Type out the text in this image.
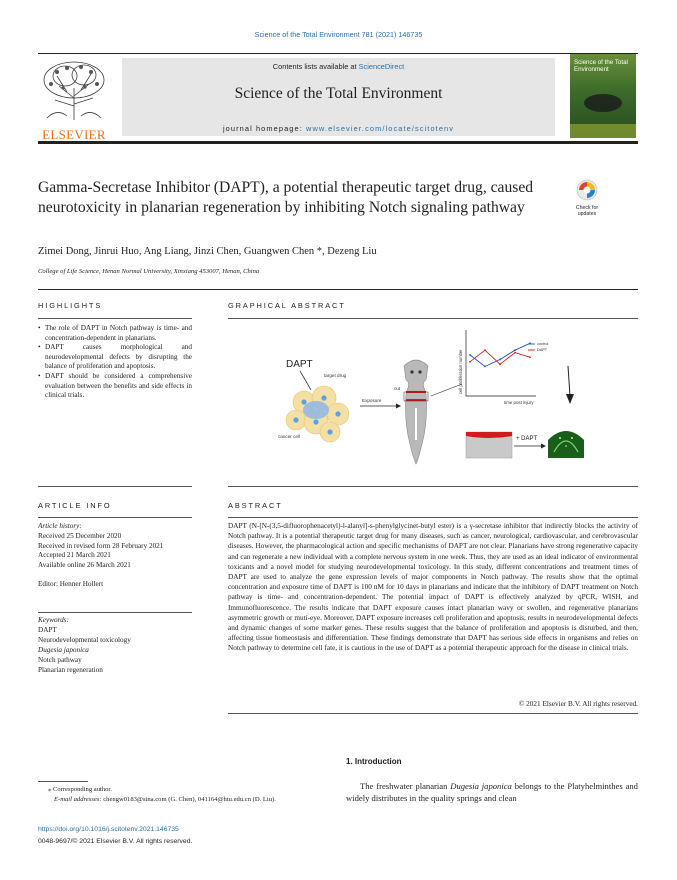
Science of the Total Environment 781 (2021) 146735
ELSEVIER
Contents lists available at ScienceDirect
Science of the Total Environment
journal homepage: www.elsevier.com/locate/scitotenv
Science of the Total Environment
Gamma-Secretase Inhibitor (DAPT), a potential therapeutic target drug, caused neurotoxicity in planarian regeneration by inhibiting Notch signaling pathway	Check for updates
Zimei Dong, Jinrui Huo, Ang Liang, Jinzi Chen, Guangwen Chen *, Dezeng Liu
College of Life Science, Henan Normal University, Xinxiang 453007, Henan, China
HIGHLIGHTS
• The role of DAPT in Notch pathway is time- and concentration-dependent in planarians.
• DAPT causes morphological and neurodevelopmental defects by disrupting the balance of proliferation and apoptosis.
• DAPT should be considered a comprehensive evaluation between the benefits and side effects in clinical trials.
GRAPHICAL ABSTRACT
DAPT
target drug
cancer cell
Exposure
cut	cell proliferation number
time post injury
control
DAPT
+ DAPT
ARTICLE INFO
Article history:
Received 25 December 2020
Received in revised form 28 February 2021
Accepted 21 March 2021
Available online 26 March 2021
Editor: Henner Hollert
Keywords:
DAPT
Neurodevelopmental toxicology
Dugesia japonica
Notch pathway
Planarian regeneration
ABSTRACT
DAPT (N-[N-(3,5-difluorophenacetyl)-l-alanyl]-s-phenylglycinet-butyl ester) is a γ-secretase inhibitor that indirectly blocks the activity of Notch pathway. It is a potential therapeutic target drug for many diseases, such as cancer, neurological, cardiovascular, and cerebrovascular diseases. However, the pharmacological action and specific mechanisms of DAPT are not clear. Planarians have strong regenerative capacity and can regenerate a new individual with a complete nervous system in one week. Thus, they are used as an ideal indicator of environmental toxicants and a novel model for studying neurodevelopmental toxicology. In this study, different concentrations and treatment times of DAPT are used to analyze the gene expression levels of major components in Notch pathway. The results show that the optimal concentration and exposure time of DAPT is 100 nM for 10 days in planarians and indicate that the inhibitory of DAPT treatment on Notch pathway is time- and concentration-dependent. The potential impact of DAPT is effectively analyzed by qPCR, WISH, and Immunofluorescence. The results indicate that DAPT exposure causes intact planarian wavy or swollen, and regenerative planarians asymmetric growth or muti-eye. Moreover, DAPT exposure increases cell proliferation and apoptosis, results in neurodevelopmental defects and dynamic changes of some marker genes. These results suggest that the balance of proliferation and apoptosis is disturbed, and then, affecting tissue homeostasis and differentiation. These findings demonstrate that DAPT has serious side effects in organisms and relies on Notch pathway to determine cell fate, it is cautious in the use of DAPT as a potential therapeutic approach for the disease in clinical trials.
© 2021 Elsevier B.V. All rights reserved.
1. Introduction
The freshwater planarian Dugesia japonica belongs to the Platyhelminthes and widely distributes in the quality springs and clean
⁎ Corresponding author.
E-mail addresses: chengw0183@sina.com (G. Chen), 041164@htu.edu.cn (D. Liu).
https://doi.org/10.1016/j.scitotenv.2021.146735
0048-9697/© 2021 Elsevier B.V. All rights reserved.
